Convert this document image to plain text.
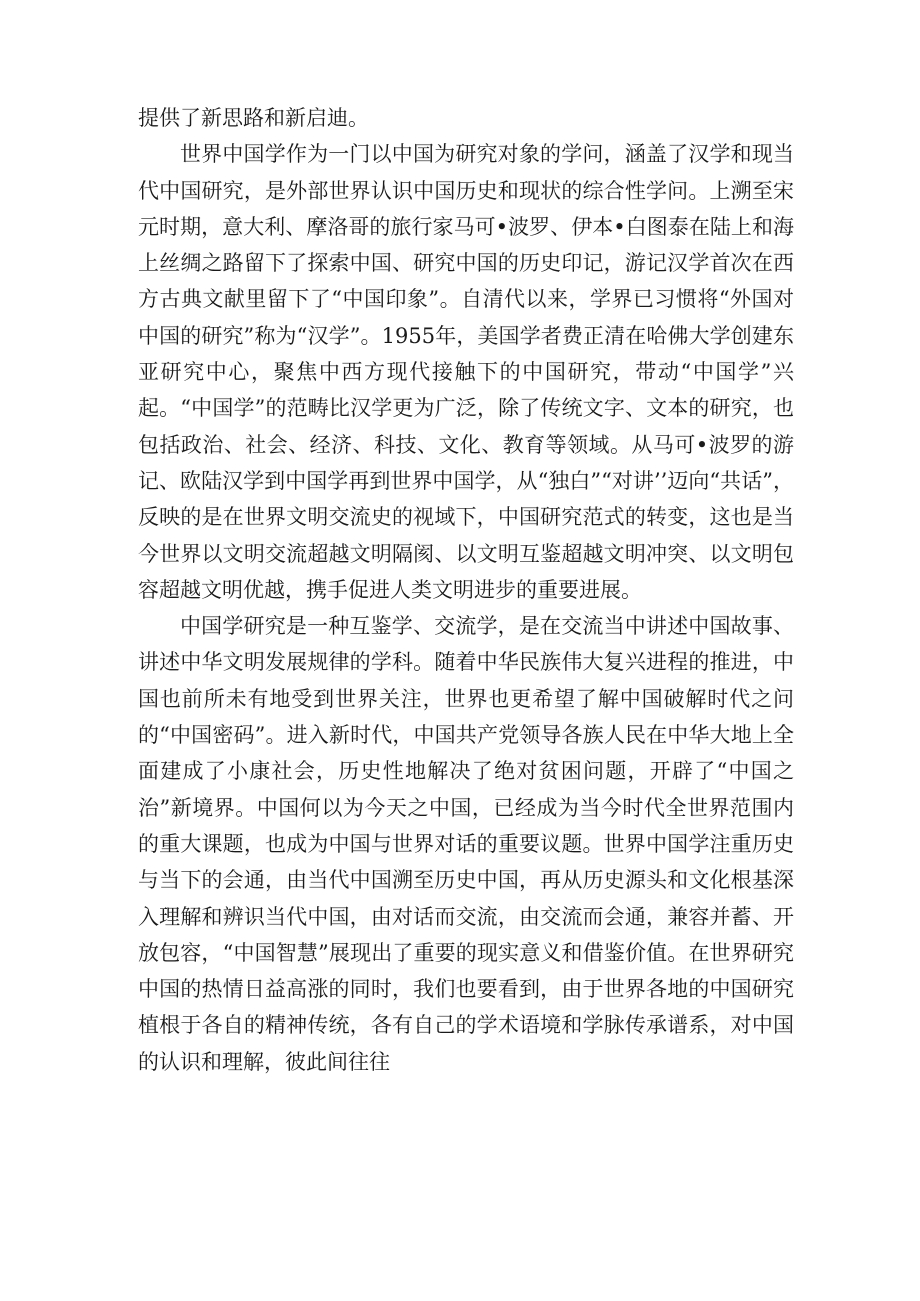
提供了新思路和新启迪。

世界中国学作为一门以中国为研究对象的学问，涵盖了汉学和现当代中国研究，是外部世界认识中国历史和现状的综合性学问。上溯至宋元时期，意大利、摩洛哥的旅行家马可•波罗、伊本•白图泰在陆上和海上丝绸之路留下了探索中国、研究中国的历史印记，游记汉学首次在西方古典文献里留下了“中国印象”。自清代以来，学界已习惯将“外国对中国的研究”称为“汉学”。1955年，美国学者费正清在哈佛大学创建东亚研究中心，聚焦中西方现代接触下的中国研究，带动“中国学”兴起。“中国学”的范畴比汉学更为广泛，除了传统文字、文本的研究，也包括政治、社会、经济、科技、文化、教育等领域。从马可•波罗的游记、欧陆汉学到中国学再到世界中国学，从“独白”“对讲’’迈向“共话”，反映的是在世界文明交流史的视域下，中国研究范式的转变，这也是当今世界以文明交流超越文明隔阂、以文明互鉴超越文明冲突、以文明包容超越文明优越，携手促进人类文明进步的重要进展。

中国学研究是一种互鉴学、交流学，是在交流当中讲述中国故事、讲述中华文明发展规律的学科。随着中华民族伟大复兴进程的推进，中国也前所未有地受到世界关注，世界也更希望了解中国破解时代之问的“中国密码”。进入新时代，中国共产党领导各族人民在中华大地上全面建成了小康社会，历史性地解决了绝对贫困问题，开辟了“中国之治”新境界。中国何以为今天之中国，已经成为当今时代全世界范围内的重大课题，也成为中国与世界对话的重要议题。世界中国学注重历史与当下的会通，由当代中国溯至历史中国，再从历史源头和文化根基深入理解和辨识当代中国，由对话而交流，由交流而会通，兼容并蓄、开放包容，“中国智慧”展现出了重要的现实意义和借鉴价值。在世界研究中国的热情日益高涨的同时，我们也要看到，由于世界各地的中国研究植根于各自的精神传统，各有自己的学术语境和学脉传承谱系，对中国的认识和理解，彼此间往往
